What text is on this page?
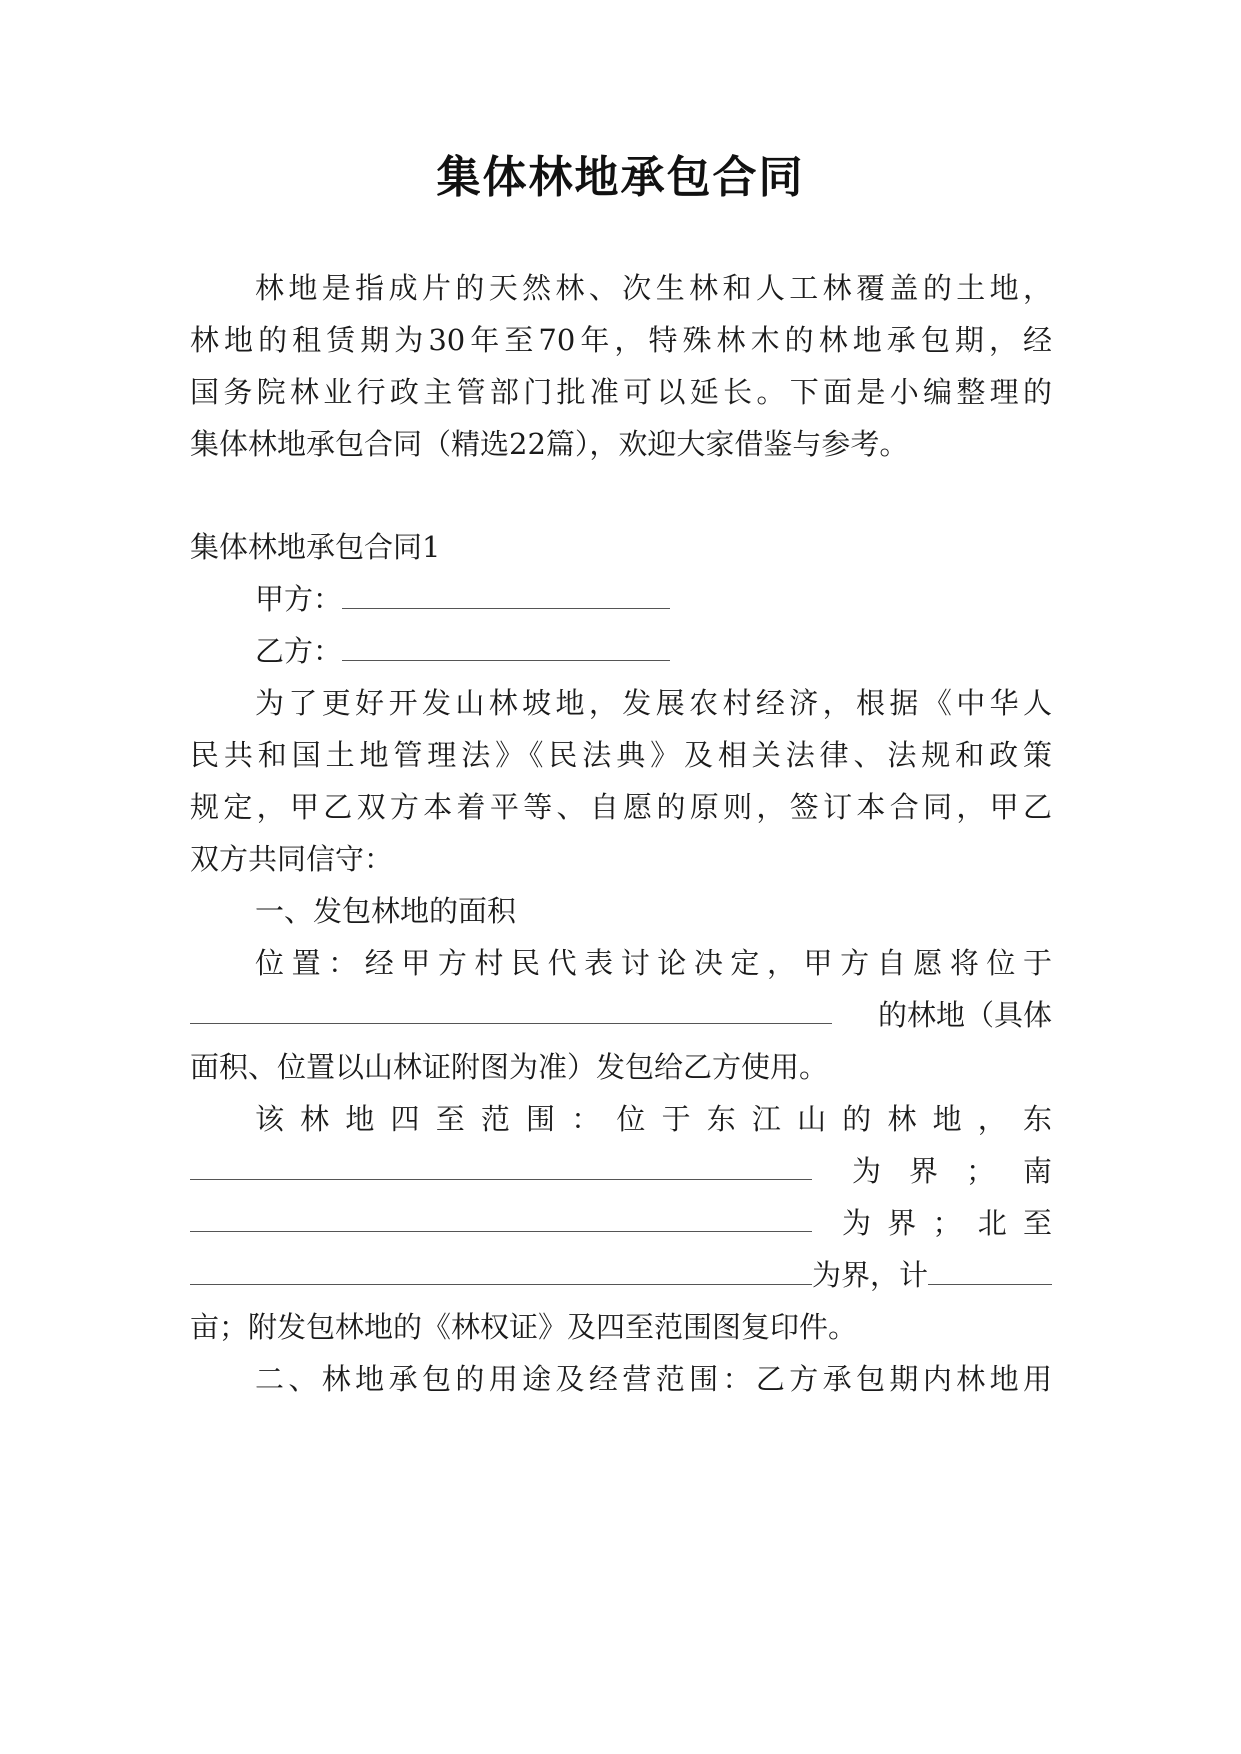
集体林地承包合同
林地是指成片的天然林、次生林和人工林覆盖的土地，
林地的租赁期为30年至70年，特殊林木的林地承包期，经
国务院林业行政主管部门批准可以延长。下面是小编整理的
集体林地承包合同（精选22篇），欢迎大家借鉴与参考。
集体林地承包合同1
甲方：
乙方：
为了更好开发山林坡地，发展农村经济，根据《中华人
民共和国土地管理法》《民法典》及相关法律、法规和政策
规定，甲乙双方本着平等、自愿的原则，签订本合同，甲乙
双方共同信守：
一、发包林地的面积
位置：经甲方村民代表讨论决定，甲方自愿将位于
的林地（具体
面积、位置以山林证附图为准）发包给乙方使用。
该林地四至范围：位于东江山的林地，东
为界；南
为界；北至
为界，计
亩；附发包林地的《林权证》及四至范围图复印件。
二、林地承包的用途及经营范围：乙方承包期内林地用
